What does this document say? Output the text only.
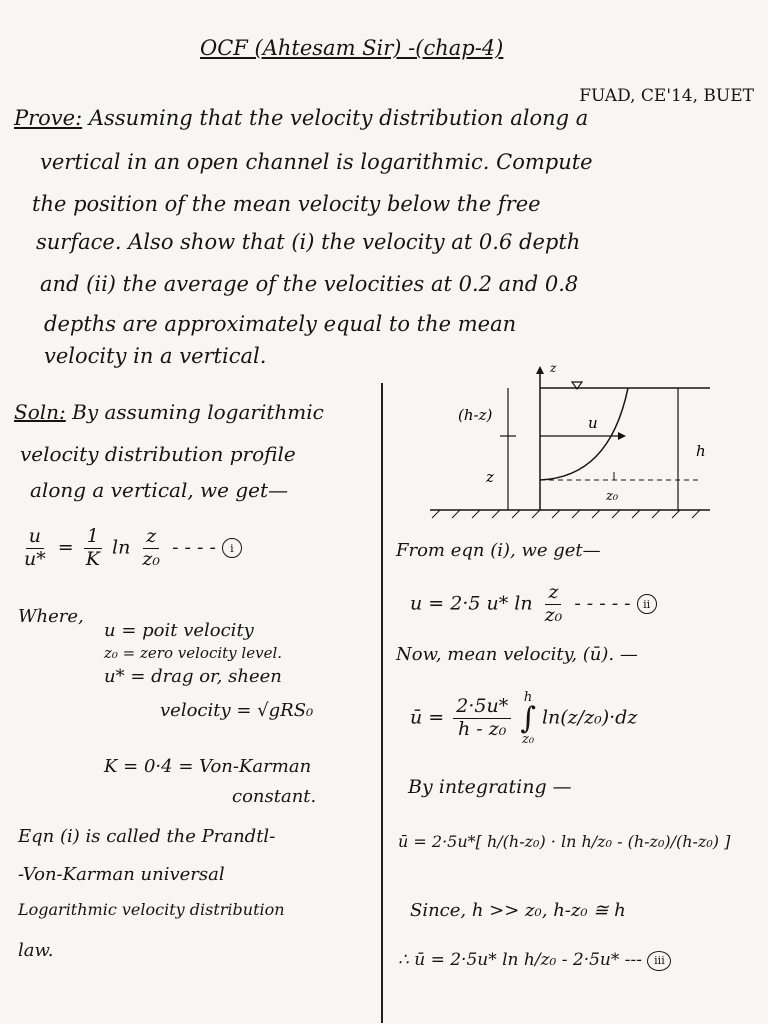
OCF (Ahtesam Sir) -(chap-4)
FUAD, CE'14, BUET
Prove: Assuming that the velocity distribution along a
vertical in an open channel is logarithmic. Compute
the position of the mean velocity below the free
surface. Also show that (i) the velocity at 0.6 depth
and (ii) the average of the velocities at 0.2 and 0.8
depths are approximately equal to the mean
velocity in a vertical.
Soln: By assuming logarithmic
velocity distribution profile
along a vertical, we get—
$\frac{u}{u*} = \frac{1}{K}$ $\ln \frac{z}{\text{z₀}}$ - - - - i
Where,
u = poit velocity
z₀ = zero velocity level.
u* = drag or, sheen
velocity = √gRS₀
K = 0·4 = Von-Karman
constant.
Eqn (i) is called the Prandtl-
-Von-Karman universal
Logarithmic velocity distribution
law.
z
u
(h-z)
z
z₀
h
From eqn (i), we get—
u = 2·5 u* $\ln \frac{z}{\text{z₀}}$ - - - - - ii
Now, mean velocity, (ū). —
ū = $\frac{2\cdot 5u*}{\text{h - z₀}}$
h
∫
z₀
ln(z/z₀)·dz
By integrating —
ū = 2·5u*[ h/(h-z₀) · ln h/z₀ - (h-z₀)/(h-z₀) ]
Since, h >> z₀, h-z₀ ≅ h
∴ ū = 2·5u* ln h/z₀ - 2·5u* --- iii
